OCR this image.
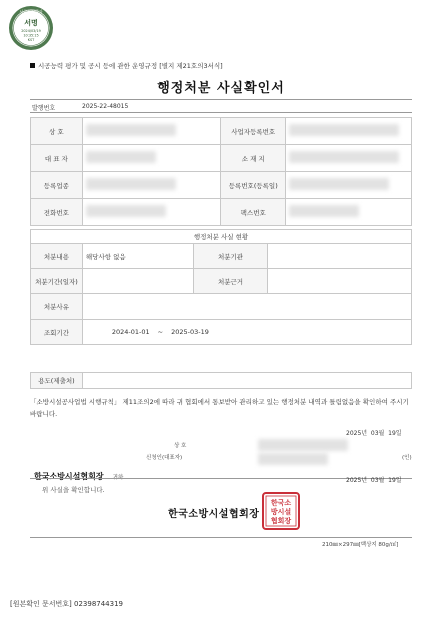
시공능력평가
서명
2024/03/19
10:35:15
KST
시공능력 평가 및 공시 등에 관한 운영규정 [별지 제21호의3서식]
행정처분 사실확인서
발행번호	2025-22-48015
상 호		사업자등록번호	
대 표 자		소 재 지	
등록업종		등록번호(등록일)	
전화번호		팩스번호	
행정처분 사실 현황			
처분내용	해당사항 없음	처분기관	
처분기간(일자)		처분근거	
처분사유			
조회기간	2024-01-01 ~ 2025-03-19		
용도(제출처)	
「소방시설공사업법 시행규칙」 제11조의2에 따라 귀 협회에서 통보받아 관리하고 있는 행정처분 내역과 틀림없음을 확인하여 주시기 바랍니다.
2025년 03월 19일
상 호
신청인(대표자)	(인)
한국소방시설협회장 귀하
위 사실을 확인합니다.
2025년 03월 19일
한국소방시설협회장
한국소
방시설
협회장
210㎜×297㎜[백상지 80g/㎡]
[원본확인 문서번호] 02398744319
